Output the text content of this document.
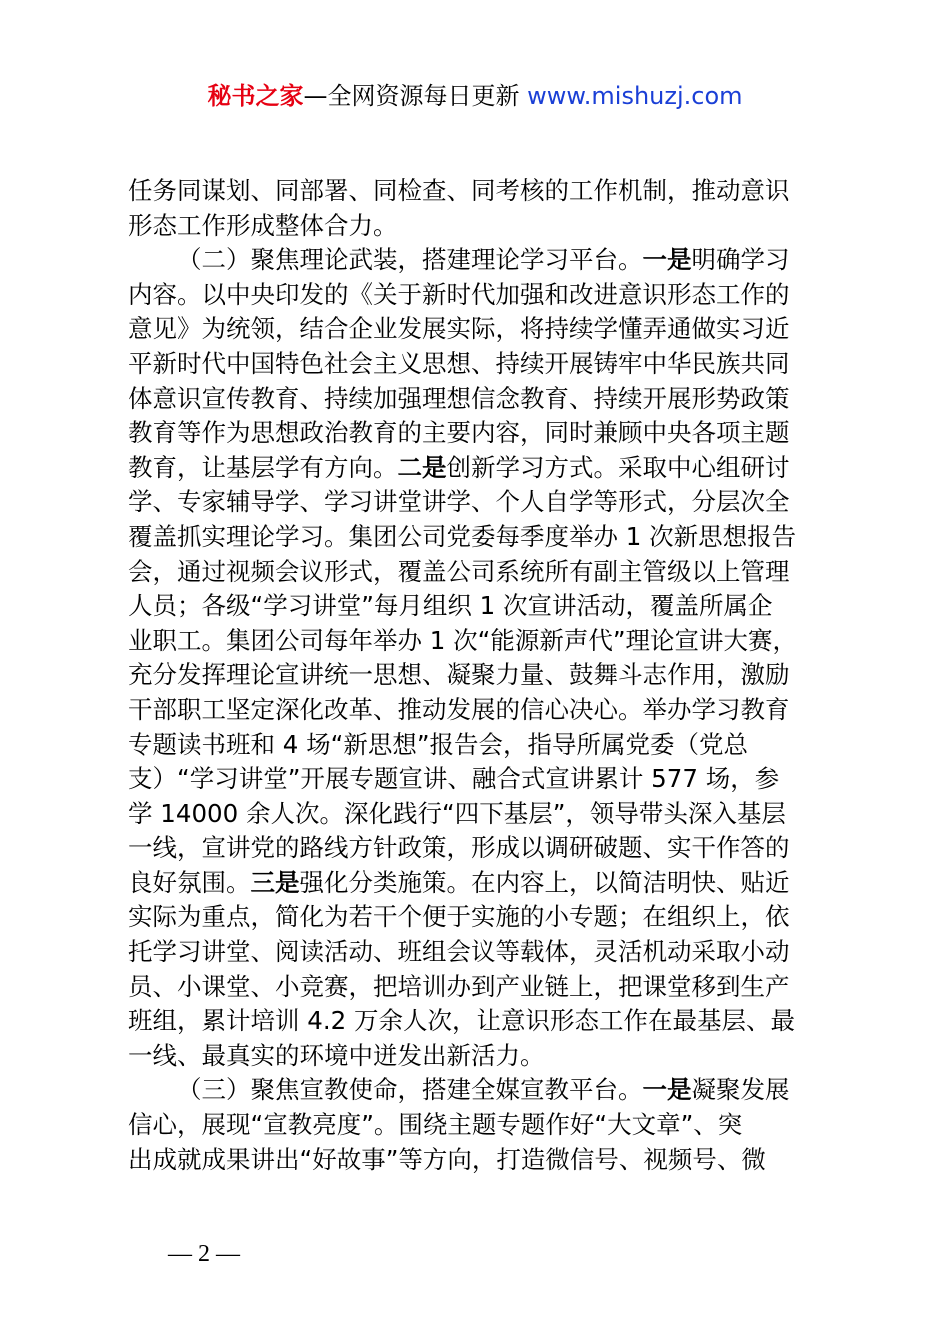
秘书之家—全网资源每日更新 www.mishuzj.com
任务同谋划、同部署、同检查、同考核的工作机制，推动意识
形态工作形成整体合力。
（二）聚焦理论武装，搭建理论学习平台。一是明确学习
内容。以中央印发的《关于新时代加强和改进意识形态工作的
意见》为统领，结合企业发展实际，将持续学懂弄通做实习近
平新时代中国特色社会主义思想、持续开展铸牢中华民族共同
体意识宣传教育、持续加强理想信念教育、持续开展形势政策
教育等作为思想政治教育的主要内容，同时兼顾中央各项主题
教育，让基层学有方向。二是创新学习方式。采取中心组研讨
学、专家辅导学、学习讲堂讲学、个人自学等形式，分层次全
覆盖抓实理论学习。集团公司党委每季度举办 1 次新思想报告
会，通过视频会议形式，覆盖公司系统所有副主管级以上管理
人员；各级“学习讲堂”每月组织 1 次宣讲活动，覆盖所属企
业职工。集团公司每年举办 1 次“能源新声代”理论宣讲大赛，
充分发挥理论宣讲统一思想、凝聚力量、鼓舞斗志作用，激励
干部职工坚定深化改革、推动发展的信心决心。举办学习教育
专题读书班和 4 场“新思想”报告会，指导所属党委（党总
支）“学习讲堂”开展专题宣讲、融合式宣讲累计 577 场，参
学 14000 余人次。深化践行“四下基层”，领导带头深入基层
一线，宣讲党的路线方针政策，形成以调研破题、实干作答的
良好氛围。三是强化分类施策。在内容上，以简洁明快、贴近
实际为重点，简化为若干个便于实施的小专题；在组织上，依
托学习讲堂、阅读活动、班组会议等载体，灵活机动采取小动
员、小课堂、小竞赛，把培训办到产业链上，把课堂移到生产
班组，累计培训 4.2 万余人次，让意识形态工作在最基层、最
一线、最真实的环境中迸发出新活力。
（三）聚焦宣教使命，搭建全媒宣教平台。一是凝聚发展
信心，展现“宣教亮度”。围绕主题专题作好“大文章”、突
出成就成果讲出“好故事”等方向，打造微信号、视频号、微
— 2 —
